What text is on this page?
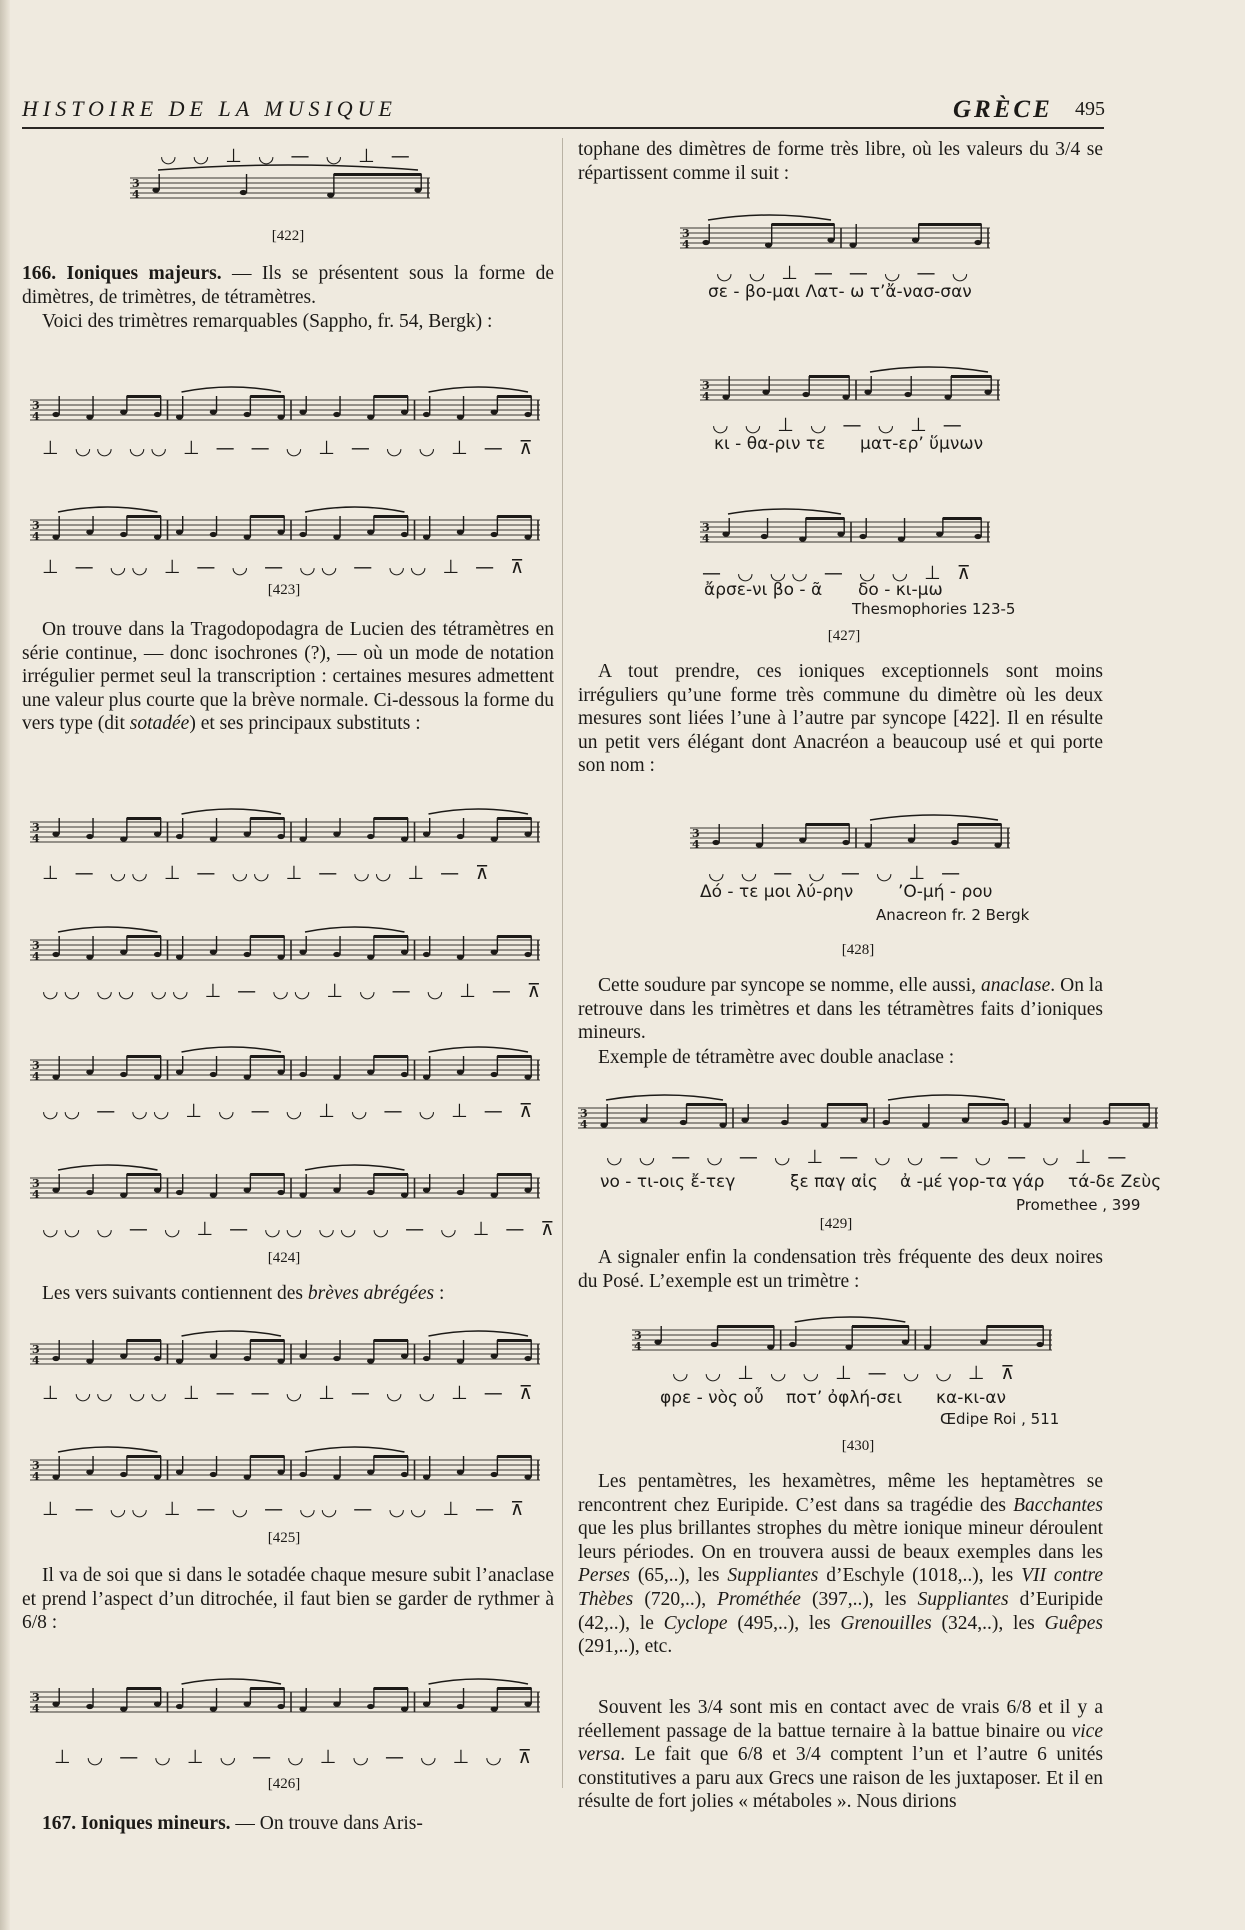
HISTOIRE DE LA MUSIQUE	GRÈCE 495
◡ ◡ ⊥ ◡ — ◡ ⊥ —
3
4
[422]
166. Ioniques majeurs. — Ils se présentent sous la forme de dimètres, de trimètres, de tétramètres.
Voici des trimètres remarquables (Sappho, fr. 54, Bergk) :
3
4
⊥ ◡◡ ◡◡ ⊥ — — ◡ ⊥ — ◡ ◡ ⊥ — ⊼
3
4
⊥ — ◡◡ ⊥ — ◡ — ◡◡ — ◡◡ ⊥ — ⊼
[423]
On trouve dans la Tragodopodagra de Lucien des tétramètres en série continue, — donc isochrones (?), — où un mode de notation irrégulier permet seul la transcription : certaines mesures admettent une valeur plus courte que la brève normale. Ci-dessous la forme du vers type (dit sotadée) et ses principaux substituts :
3
4
⊥ — ◡◡ ⊥ — ◡◡ ⊥ — ◡◡ ⊥ — ⊼
3
4
◡◡ ◡◡ ◡◡ ⊥ — ◡◡ ⊥ ◡ — ◡ ⊥ — ⊼
3
4
◡◡ — ◡◡ ⊥ ◡ — ◡ ⊥ ◡ — ◡ ⊥ — ⊼
3
4
◡◡ ◡ — ◡ ⊥ — ◡◡ ◡◡ ◡ — ◡ ⊥ — ⊼
[424]
Les vers suivants contiennent des brèves abrégées :
3
4
⊥ ◡◡ ◡◡ ⊥ — — ◡ ⊥ — ◡ ◡ ⊥ — ⊼
3
4
⊥ — ◡◡ ⊥ — ◡ — ◡◡ — ◡◡ ⊥ — ⊼
[425]
Il va de soi que si dans le sotadée chaque mesure subit l’anaclase et prend l’aspect d’un ditrochée, il faut bien se garder de rythmer à 6/8 :
3
4
⊥ ◡ — ◡ ⊥ ◡ — ◡ ⊥ ◡ — ◡ ⊥ ◡ ⊼
[426]
167. Ioniques mineurs. — On trouve dans Aris-
tophane des dimètres de forme très libre, où les valeurs du 3/4 se répartissent comme il suit :
3
4
◡ ◡ ⊥ — — ◡ — ◡
σε - βο-μαι Λατ- ω τ’ἄ-νασ-σαν
3
4
◡ ◡ ⊥ ◡ — ◡ ⊥ —
κι - θα-ριν τε ματ-ερ’ ὕμνων
3
4
— ◡ ◡◡ — ◡ ◡ ⊥ ⊼
ἄρσε-νι βο - ᾶ δο - κι-μω
Thesmophories 123-5
[427]
A tout prendre, ces ioniques exceptionnels sont moins irréguliers qu’une forme très commune du dimètre où les deux mesures sont liées l’une à l’autre par syncope [422]. Il en résulte un petit vers élégant dont Anacréon a beaucoup usé et qui porte son nom :
3
4
◡ ◡ — ◡ — ◡ ⊥ —
Δό - τε μοι λύ-ρην	’Ο-μή - ρου
Anacreon fr. 2 Bergk
[428]
Cette soudure par syncope se nomme, elle aussi, anaclase. On la retrouve dans les trimètres et dans les tétramètres faits d’ioniques mineurs.
Exemple de tétramètre avec double anaclase :
3
4
◡ ◡ — ◡ — ◡ ⊥ — ◡ ◡ — ◡ — ◡ ⊥ —
νο - τι-οις ἔ-τεγ	ξε παγ αἰς ἀ -μέ γορ-τα γάρ τά-δε Ζεὺς
Promethee , 399
[429]
A signaler enfin la condensation très fréquente des deux noires du Posé. L’exemple est un trimètre :
3
4
◡ ◡ ⊥ ◡ ◡ ⊥ — ◡ ◡ ⊥ ⊼
φρε - νὸς οὖ ποτ’ ὀφλή-σει κα-κι-αν
Œdipe Roi , 511
[430]
Les pentamètres, les hexamètres, même les heptamètres se rencontrent chez Euripide. C’est dans sa tragédie des Bacchantes que les plus brillantes strophes du mètre ionique mineur déroulent leurs périodes. On en trouvera aussi de beaux exemples dans les Perses (65,..), les Suppliantes d’Eschyle (1018,..), les VII contre Thèbes (720,..), Prométhée (397,..), les Suppliantes d’Euripide (42,..), le Cyclope (495,..), les Grenouilles (324,..), les Guêpes (291,..), etc.
Souvent les 3/4 sont mis en contact avec de vrais 6/8 et il y a réellement passage de la battue ternaire à la battue binaire ou vice versa. Le fait que 6/8 et 3/4 comptent l’un et l’autre 6 unités constitutives a paru aux Grecs une raison de les juxtaposer. Et il en résulte de fort jolies « métaboles ». Nous dirions
